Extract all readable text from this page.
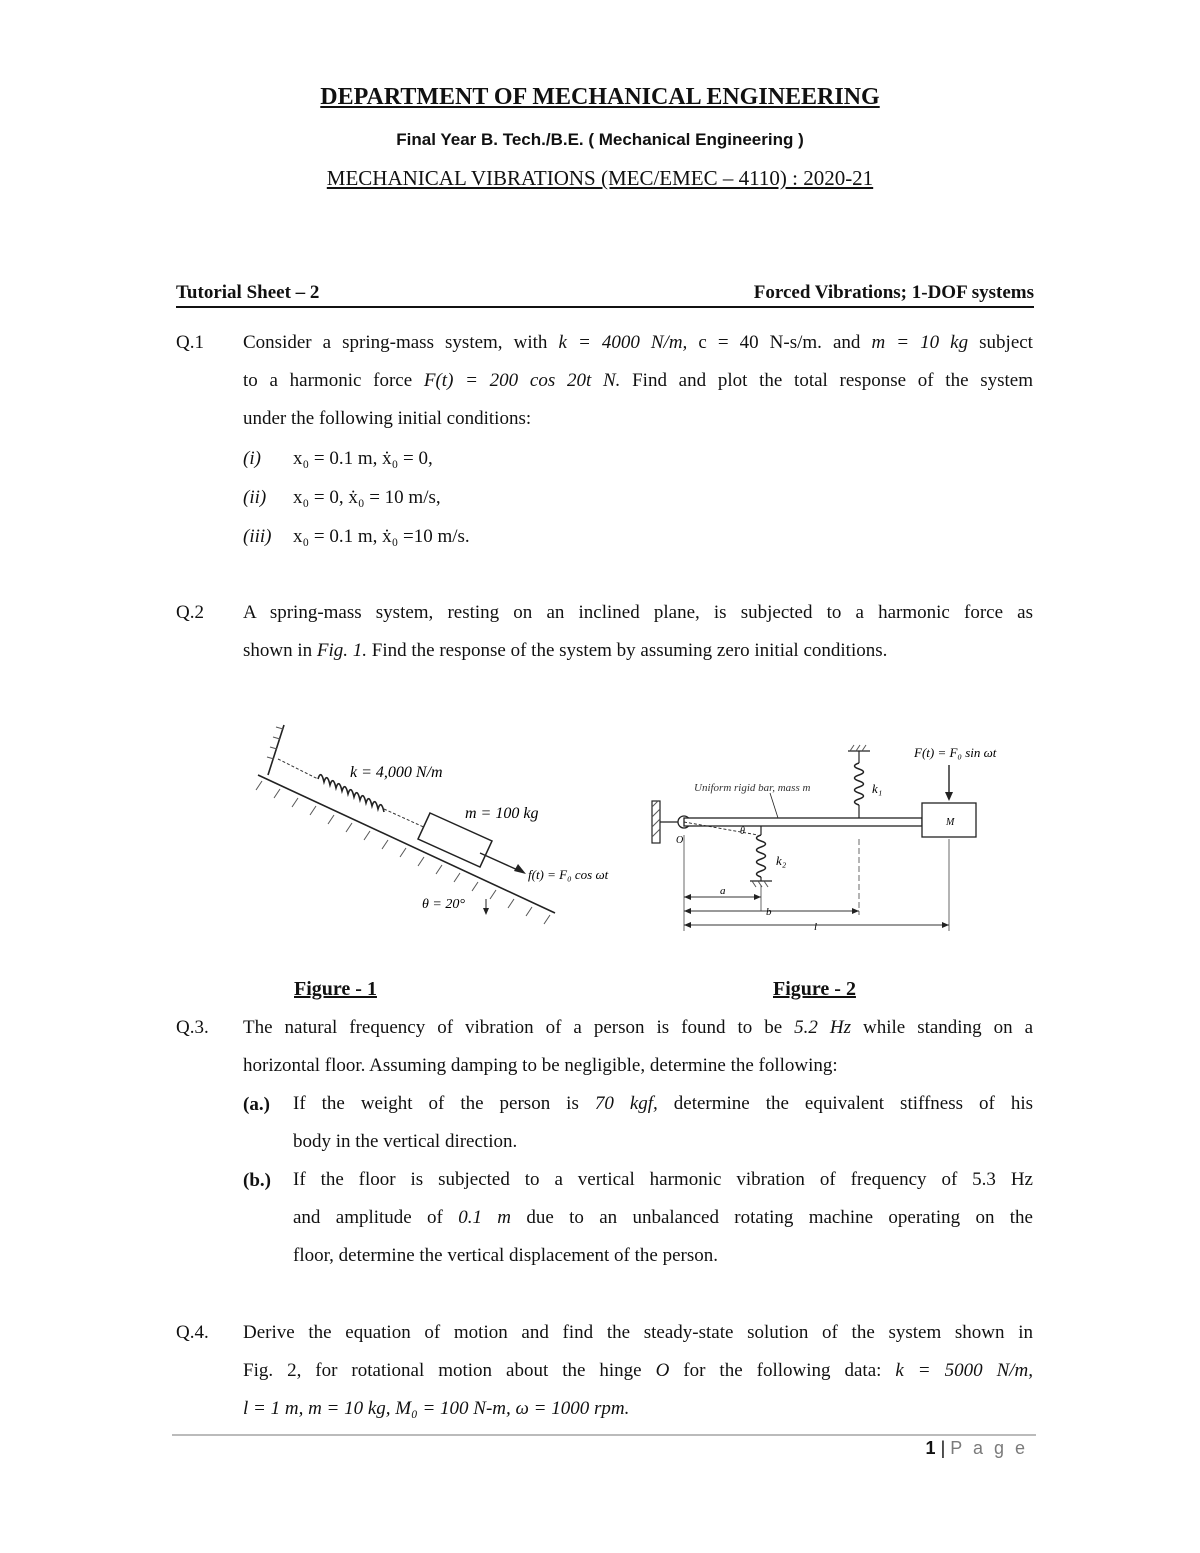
DEPARTMENT OF MECHANICAL ENGINEERING
Final Year B. Tech./B.E. ( Mechanical Engineering )
MECHANICAL VIBRATIONS (MEC/EMEC – 4110) : 2020-21
Tutorial Sheet – 2	Forced Vibrations; 1-DOF systems
Q.1 Consider a spring-mass system, with k = 4000 N/m, c = 40 N-s/m. and m = 10 kg subject
to a harmonic force F(t) = 200 cos 20t N. Find and plot the total response of the system
under the following initial conditions:
(i) x₀ = 0.1 m, ẋ₀ = 0,
(ii) x₀ = 0, ẋ₀ = 10 m/s,
(iii) x₀ = 0.1 m, ẋ₀ =10 m/s.
Q.2 A spring-mass system, resting on an inclined plane, is subjected to a harmonic force as
shown in Fig. 1. Find the response of the system by assuming zero initial conditions.
k = 4,000 N/m
m = 100 kg
f(t) = F₀ cos ωt
θ = 20°
Uniform rigid bar, mass m
F(t) = F₀ sin ωt
k₁
k₂
M
O
θ
a
b
l
Figure - 1	Figure - 2
Q.3. The natural frequency of vibration of a person is found to be 5.2 Hz while standing on a
horizontal floor. Assuming damping to be negligible, determine the following:
(a.) If the weight of the person is 70 kgf, determine the equivalent stiffness of his
body in the vertical direction.
(b.) If the floor is subjected to a vertical harmonic vibration of frequency of 5.3 Hz
and amplitude of 0.1 m due to an unbalanced rotating machine operating on the
floor, determine the vertical displacement of the person.
Q.4. Derive the equation of motion and find the steady-state solution of the system shown in
Fig. 2, for rotational motion about the hinge O for the following data: k = 5000 N/m,
l = 1 m, m = 10 kg, M₀ = 100 N-m, ω = 1000 rpm.
1 | P a g e
